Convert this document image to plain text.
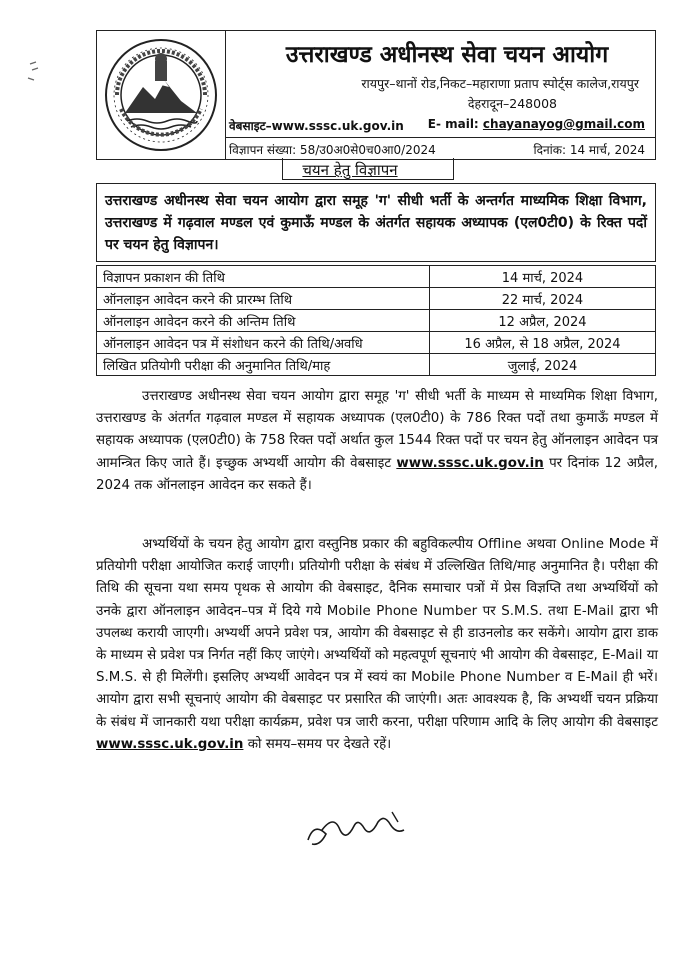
उत्तराखण्ड अधीनस्थ सेवा चयन आयोग
रायपुर–थानों रोड,निकट–महाराणा प्रताप स्पोर्ट्स कालेज,रायपुर
देहरादून–248008
वेबसाइट–www.sssc.uk.gov.in E- mail: chayanayog@gmail.com
विज्ञापन संख्या: 58/उ0अ0से0च0आ0/2024	दिनांक: 14 मार्च, 2024
चयन हेतु विज्ञापन
उत्तराखण्ड अधीनस्थ सेवा चयन आयोग द्वारा समूह 'ग' सीधी भर्ती के अन्तर्गत माध्यमिक शिक्षा विभाग, उत्तराखण्ड में गढ़वाल मण्डल एवं कुमाऊँ मण्डल के अंतर्गत सहायक अध्यापक (एल0टी0) के रिक्त पदों पर चयन हेतु विज्ञापन।
विज्ञापन प्रकाशन की तिथि	14 मार्च, 2024
ऑनलाइन आवेदन करने की प्रारम्भ तिथि	22 मार्च, 2024
ऑनलाइन आवेदन करने की अन्तिम तिथि	12 अप्रैल, 2024
ऑनलाइन आवेदन पत्र में संशोधन करने की तिथि/अवधि	16 अप्रैल, से 18 अप्रैल, 2024
लिखित प्रतियोगी परीक्षा की अनुमानित तिथि/माह	जुलाई, 2024
उत्तराखण्ड अधीनस्थ सेवा चयन आयोग द्वारा समूह 'ग' सीधी भर्ती के माध्यम से माध्यमिक शिक्षा विभाग, उत्तराखण्ड के अंतर्गत गढ़वाल मण्डल में सहायक अध्यापक (एल0टी0) के 786 रिक्त पदों तथा कुमाऊँ मण्डल में सहायक अध्यापक (एल0टी0) के 758 रिक्त पदों अर्थात कुल 1544 रिक्त पदों पर चयन हेतु ऑनलाइन आवेदन पत्र आमन्त्रित किए जाते हैं। इच्छुक अभ्यर्थी आयोग की वेबसाइट www.sssc.uk.gov.in पर दिनांक 12 अप्रैल, 2024 तक ऑनलाइन आवेदन कर सकते हैं।
अभ्यर्थियों के चयन हेतु आयोग द्वारा वस्तुनिष्ठ प्रकार की बहुविकल्पीय Offline अथवा Online Mode में प्रतियोगी परीक्षा आयोजित कराई जाएगी। प्रतियोगी परीक्षा के संबंध में उल्लिखित तिथि/माह अनुमानित है। परीक्षा की तिथि की सूचना यथा समय पृथक से आयोग की वेबसाइट, दैनिक समाचार पत्रों में प्रेस विज्ञप्ति तथा अभ्यर्थियों को उनके द्वारा ऑनलाइन आवेदन–पत्र में दिये गये Mobile Phone Number पर S.M.S. तथा E-Mail द्वारा भी उपलब्ध करायी जाएगी। अभ्यर्थी अपने प्रवेश पत्र, आयोग की वेबसाइट से ही डाउनलोड कर सकेंगे। आयोग द्वारा डाक के माध्यम से प्रवेश पत्र निर्गत नहीं किए जाएंगे। अभ्यर्थियों को महत्वपूर्ण सूचनाएं भी आयोग की वेबसाइट, E-Mail या S.M.S. से ही मिलेंगी। इसलिए अभ्यर्थी आवेदन पत्र में स्वयं का Mobile Phone Number व E-Mail ही भरें। आयोग द्वारा सभी सूचनाएं आयोग की वेबसाइट पर प्रसारित की जाएंगी। अतः आवश्यक है, कि अभ्यर्थी चयन प्रक्रिया के संबंध में जानकारी यथा परीक्षा कार्यक्रम, प्रवेश पत्र जारी करना, परीक्षा परिणाम आदि के लिए आयोग की वेबसाइट www.sssc.uk.gov.in को समय–समय पर देखते रहें।
